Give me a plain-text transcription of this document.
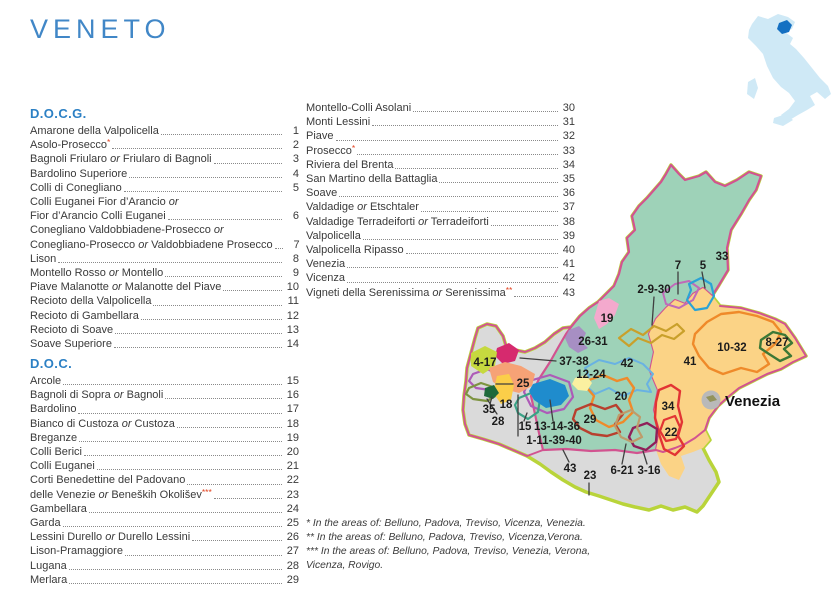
VENETO
D.O.C.G.
Amarone della Valpolicella	1
Asolo-Prosecco*	2
Bagnoli Friularo or Friularo di Bagnoli	3
Bardolino Superiore	4
Colli di Conegliano	5
Colli Euganei Fior d’Arancio or
Fior d’Arancio Colli Euganei	6
Conegliano Valdobbiadene-Prosecco or
Conegliano-Prosecco or Valdobbiadene Prosecco	7
Lison	8
Montello Rosso or Montello	9
Piave Malanotte or Malanotte del Piave	10
Recioto della Valpolicella	11
Recioto di Gambellara	12
Recioto di Soave	13
Soave Superiore	14
D.O.C.
Arcole	15
Bagnoli di Sopra or Bagnoli	16
Bardolino	17
Bianco di Custoza or Custoza	18
Breganze	19
Colli Berici	20
Colli Euganei	21
Corti Benedettine del Padovano	22
delle Venezie or Beneških Okolišev***	23
Gambellara	24
Garda	25
Lessini Durello or Durello Lessini	26
Lison-Pramaggiore	27
Lugana	28
Merlara	29
Montello-Colli Asolani	30
Monti Lessini	31
Piave	32
Prosecco*	33
Riviera del Brenta	34
San Martino della Battaglia	35
Soave	36
Valdadige or Etschtaler	37
Valdadige Terradeiforti or Terradeiforti	38
Valpolicella	39
Valpolicella Ripasso	40
Venezia	41
Vicenza	42
Vigneti della Serenissima or Serenissima**	43
* In the areas of: Belluno, Padova, Treviso, Vicenza, Venezia.
** In the areas of: Belluno, Padova, Treviso, Vicenza,Verona.
*** In the areas of: Belluno, Padova, Treviso, Venezia, Verona, Vicenza, Rovigo.
33
7 5
2-9-30
19
26-31
37-38	42
12-24
41
10-32 8-27
4-17
25
18
35
28 15 13-14-36
1-11-39-40
20
29
34
22
43
23 6-21 3-16
Venezia
